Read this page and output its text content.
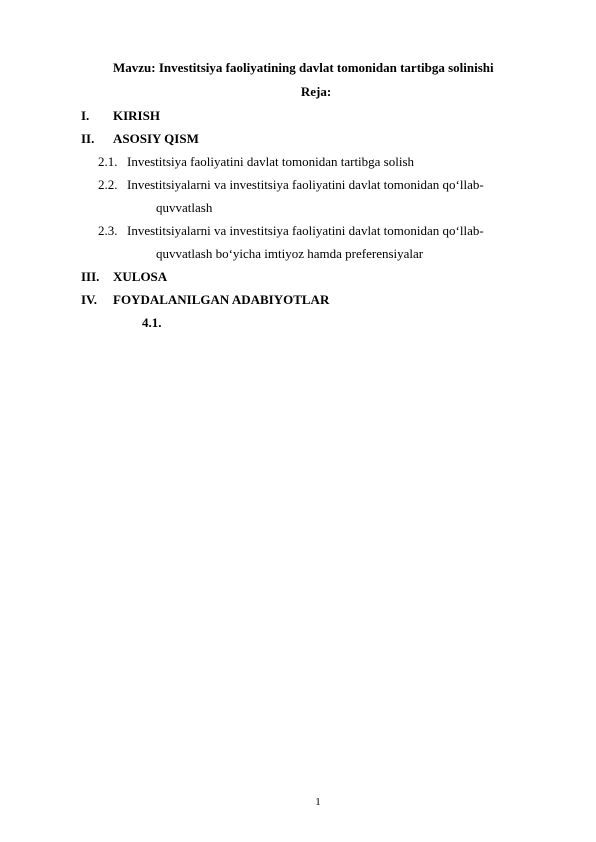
Mavzu: Investitsiya faoliyatining davlat tomonidan tartibga solinishi
Reja:
I. KIRISH
II. ASOSIY QISM
2.1. Investitsiya faoliyatini davlat tomonidan tartibga solish
2.2. Investitsiyalarni va investitsiya faoliyatini davlat tomonidan qo‘llab-
quvvatlash
2.3. Investitsiyalarni va investitsiya faoliyatini davlat tomonidan qo‘llab-
quvvatlash bo‘yicha imtiyoz hamda preferensiyalar
III. XULOSA
IV. FOYDALANILGAN ADABIYOTLAR
4.1.
1
